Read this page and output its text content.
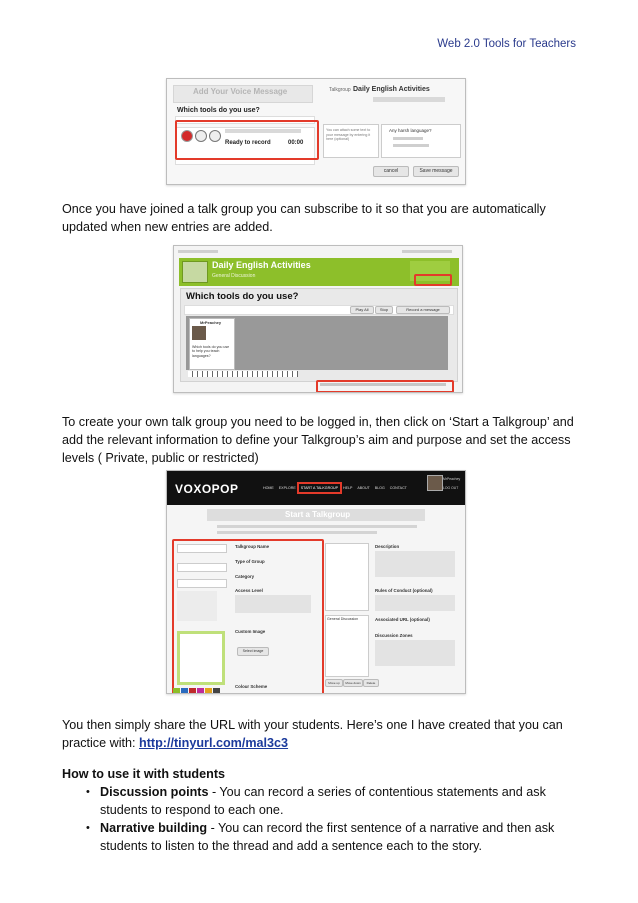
Web 2.0 Tools for Teachers
Add Your Voice Message
Which tools do you use?
Talkgroup Daily English Activities
Ready to record	00:00
You can attach some text to your message by entering it here (optional)
Any harsh language?
cancel	Save message
Once you have joined a talk group you can subscribe to it so that you are automatically updated when new entries are added.
Daily English Activities
General Discussion
Which tools do you use?
Play All	Stop	Record a message
MrPeachey
Which tools do you use to help you teach languages?
To create your own talk group you need to be logged in, then click on ‘Start a Talkgroup’ and add the relevant information to define your Talkgroup’s aim and purpose and set the access levels ( Private, public or restricted)
VOXOPOP	HOME EXPLORE START A TALKGROUP HELP ABOUT BLOG CONTACT
MrPeachey
LOG OUT
Start a Talkgroup
Talkgroup Name
Type of Group
Category
Access Level
Custom Image
Select image
Colour Scheme
General Discussion
Move up	Move down	Delete
Description
Rules of Conduct (optional)
Associated URL (optional)
Discussion Zones
You then simply share the URL with your students. Here’s one I have created that you can practice with: http://tinyurl.com/mal3c3
How to use it with students
• Discussion points - You can record a series of contentious statements and ask students to respond to each one.
• Narrative building - You can record the first sentence of a narrative and then ask students to listen to the thread and add a sentence each to the story.
